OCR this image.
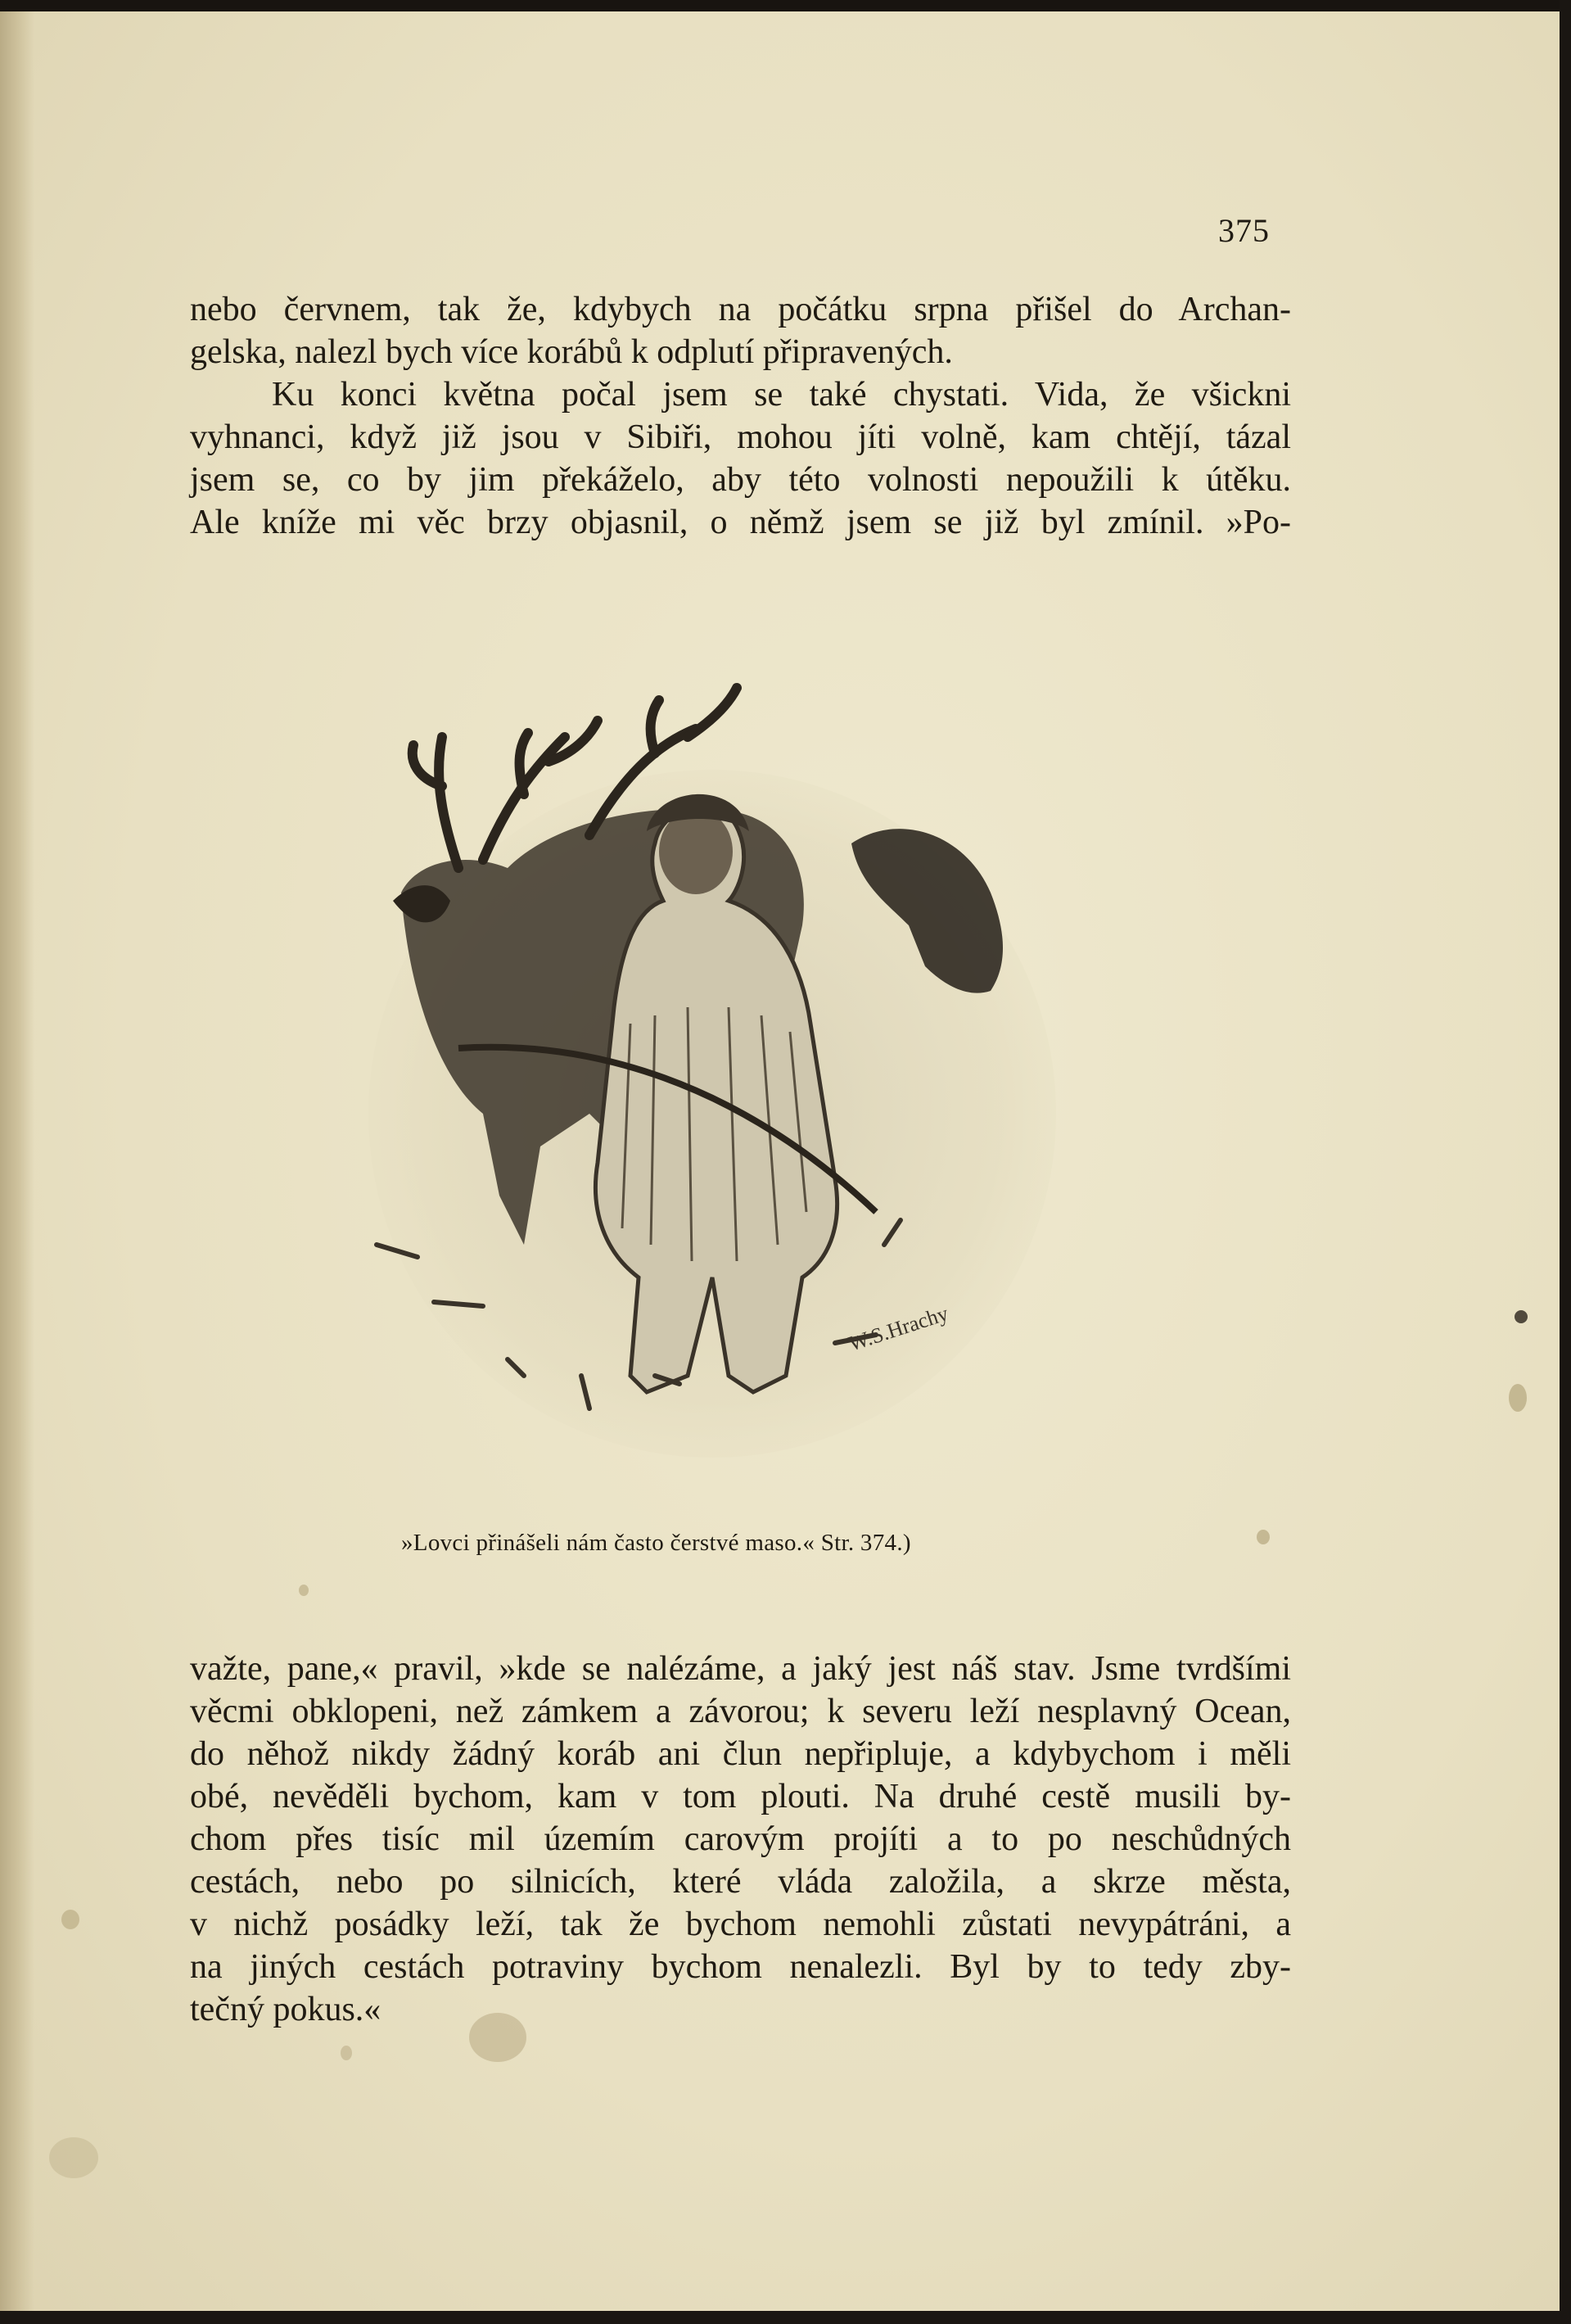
375
nebo červnem, tak že, kdybych na počátku srpna přišel do Archan-
gelska, nalezl bych více korábů k odplutí připravených.
Ku konci května počal jsem se také chystati. Vida, že všickni
vyhnanci, když již jsou v Sibiři, mohou jíti volně, kam chtějí, tázal
jsem se, co by jim překáželo, aby této volnosti nepoužili k útěku.
Ale kníže mi věc brzy objasnil, o němž jsem se již byl zmínil. »Po-
W.S.Hrachy
»Lovci přinášeli nám často čerstvé maso.« Str. 374.)
važte, pane,« pravil, »kde se nalézáme, a jaký jest náš stav. Jsme tvrdšími
věcmi obklopeni, než zámkem a závorou; k severu leží nesplavný Ocean,
do něhož nikdy žádný koráb ani člun nepřipluje, a kdybychom i měli
obé, nevěděli bychom, kam v tom plouti. Na druhé cestě musili by-
chom přes tisíc mil územím carovým projíti a to po neschůdných
cestách, nebo po silnicích, které vláda založila, a skrze města,
v nichž posádky leží, tak že bychom nemohli zůstati nevypátráni, a
na jiných cestách potraviny bychom nenalezli. Byl by to tedy zby-
tečný pokus.«
